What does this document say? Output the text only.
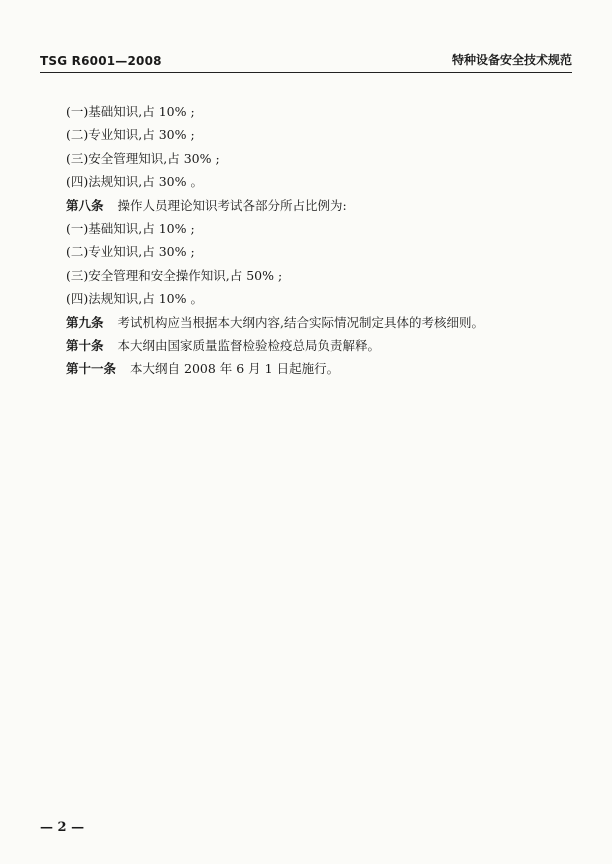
TSG R6001—2008	特种设备安全技术规范
(一)基础知识,占 10% ;
(二)专业知识,占 30% ;
(三)安全管理知识,占 30% ;
(四)法规知识,占 30% 。
第八条 操作人员理论知识考试各部分所占比例为:
(一)基础知识,占 10% ;
(二)专业知识,占 30% ;
(三)安全管理和安全操作知识,占 50% ;
(四)法规知识,占 10% 。
第九条 考试机构应当根据本大纲内容,结合实际情况制定具体的考核细则。
第十条 本大纲由国家质量监督检验检疫总局负责解释。
第十一条 本大纲自 2008 年 6 月 1 日起施行。
— 2 —
